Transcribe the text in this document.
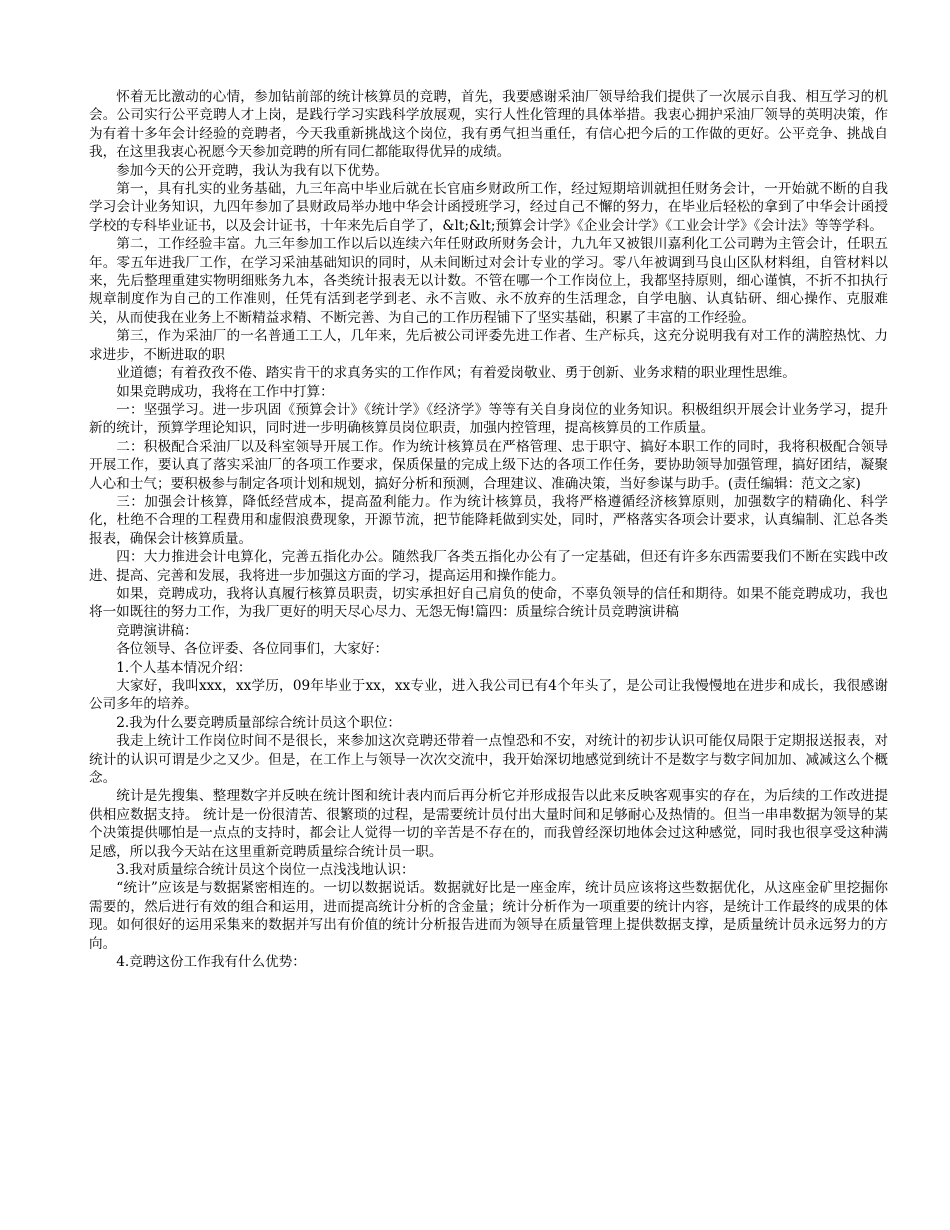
怀着无比激动的心情，参加钻前部的统计核算员的竞聘，首先，我要感谢采油厂领导给我们提供了一次展示自我、相互学习的机会。公司实行公平竞聘人才上岗，是践行学习实践科学放展观，实行人性化管理的具体举措。我衷心拥护采油厂领导的英明决策，作为有着十多年会计经验的竞聘者，今天我重新挑战这个岗位，我有勇气担当重任，有信心把今后的工作做的更好。公平竞争、挑战自我，在这里我衷心祝愿今天参加竞聘的所有同仁都能取得优异的成绩。

参加今天的公开竞聘，我认为我有以下优势。

第一，具有扎实的业务基础，九三年高中毕业后就在长官庙乡财政所工作，经过短期培训就担任财务会计，一开始就不断的自我学习会计业务知识，九四年参加了县财政局举办地中华会计函授班学习，经过自己不懈的努力，在毕业后轻松的拿到了中华会计函授学校的专科毕业证书，以及会计证书，十年来先后自学了，&lt;&lt;预算会计学》《企业会计学》《工业会计学》《会计法》等等学科。

第二，工作经验丰富。九三年参加工作以后以连续六年任财政所财务会计，九九年又被银川嘉利化工公司聘为主管会计，任职五年。零五年进我厂工作，在学习采油基础知识的同时，从未间断过对会计专业的学习。零八年被调到马良山区队材料组，自管材料以来，先后整理重建实物明细账务九本，各类统计报表无以计数。不管在哪一个工作岗位上，我都坚持原则，细心谨慎，不折不扣执行规章制度作为自己的工作准则，任凭有活到老学到老、永不言败、永不放弃的生活理念，自学电脑、认真钻研、细心操作、克服难关，从而使我在业务上不断精益求精、不断完善、为自己的工作历程铺下了坚实基础，积累了丰富的工作经验。

第三，作为采油厂的一名普通工工人，几年来，先后被公司评委先进工作者、生产标兵，这充分说明我有对工作的满腔热忱、力求进步，不断进取的职

业道德；有着孜孜不倦、踏实肯干的求真务实的工作作风；有着爱岗敬业、勇于创新、业务求精的职业理性思维。

如果竞聘成功，我将在工作中打算：

一：坚强学习。进一步巩固《预算会计》《统计学》《经济学》等等有关自身岗位的业务知识。积极组织开展会计业务学习，提升新的统计，预算学理论知识，同时进一步明确核算员岗位职责，加强内控管理，提高核算员的工作质量。

二：积极配合采油厂以及科室领导开展工作。作为统计核算员在严格管理、忠于职守、搞好本职工作的同时，我将积极配合领导开展工作，要认真了落实采油厂的各项工作要求，保质保量的完成上级下达的各项工作任务，要协助领导加强管理，搞好团结，凝聚人心和士气；要积极参与制定各项计划和规划，搞好分析和预测，合理建议、准确决策，当好参谋与助手。(责任编辑：范文之家)

三：加强会计核算，降低经营成本，提高盈利能力。作为统计核算员，我将严格遵循经济核算原则，加强数字的精确化、科学化，杜绝不合理的工程费用和虚假浪费现象，开源节流，把节能降耗做到实处，同时，严格落实各项会计要求，认真编制、汇总各类报表，确保会计核算质量。

四：大力推进会计电算化，完善五指化办公。随然我厂各类五指化办公有了一定基础，但还有许多东西需要我们不断在实践中改进、提高、完善和发展，我将进一步加强这方面的学习，提高运用和操作能力。

如果，竞聘成功，我将认真履行核算员职责，切实承担好自己肩负的使命，不辜负领导的信任和期待。如果不能竞聘成功，我也将一如既往的努力工作，为我厂更好的明天尽心尽力、无怨无悔!篇四：质量综合统计员竞聘演讲稿

竞聘演讲稿：

各位领导、各位评委、各位同事们，大家好：

1.个人基本情况介绍：

大家好，我叫xxx，xx学历，09年毕业于xx，xx专业，进入我公司已有4个年头了，是公司让我慢慢地在进步和成长，我很感谢公司多年的培养。

2.我为什么要竞聘质量部综合统计员这个职位：

我走上统计工作岗位时间不是很长，来参加这次竞聘还带着一点惶恐和不安，对统计的初步认识可能仅局限于定期报送报表，对统计的认识可谓是少之又少。但是，在工作上与领导一次次交流中，我开始深切地感觉到统计不是数字与数字间加加、减减这么个概念。

统计是先搜集、整理数字并反映在统计图和统计表内而后再分析它并形成报告以此来反映客观事实的存在，为后续的工作改进提供相应数据支持。 统计是一份很清苦、很繁琐的过程，是需要统计员付出大量时间和足够耐心及热情的。但当一串串数据为领导的某个决策提供哪怕是一点点的支持时，都会让人觉得一切的辛苦是不存在的，而我曾经深切地体会过这种感觉，同时我也很享受这种满足感，所以我今天站在这里重新竞聘质量综合统计员一职。

3.我对质量综合统计员这个岗位一点浅浅地认识：

“统计”应该是与数据紧密相连的。一切以数据说话。数据就好比是一座金库，统计员应该将这些数据优化，从这座金矿里挖掘你需要的，然后进行有效的组合和运用，进而提高统计分析的含金量；统计分析作为一项重要的统计内容，是统计工作最终的成果的体现。如何很好的运用采集来的数据并写出有价值的统计分析报告进而为领导在质量管理上提供数据支撑，是质量统计员永远努力的方向。

4.竞聘这份工作我有什么优势：
